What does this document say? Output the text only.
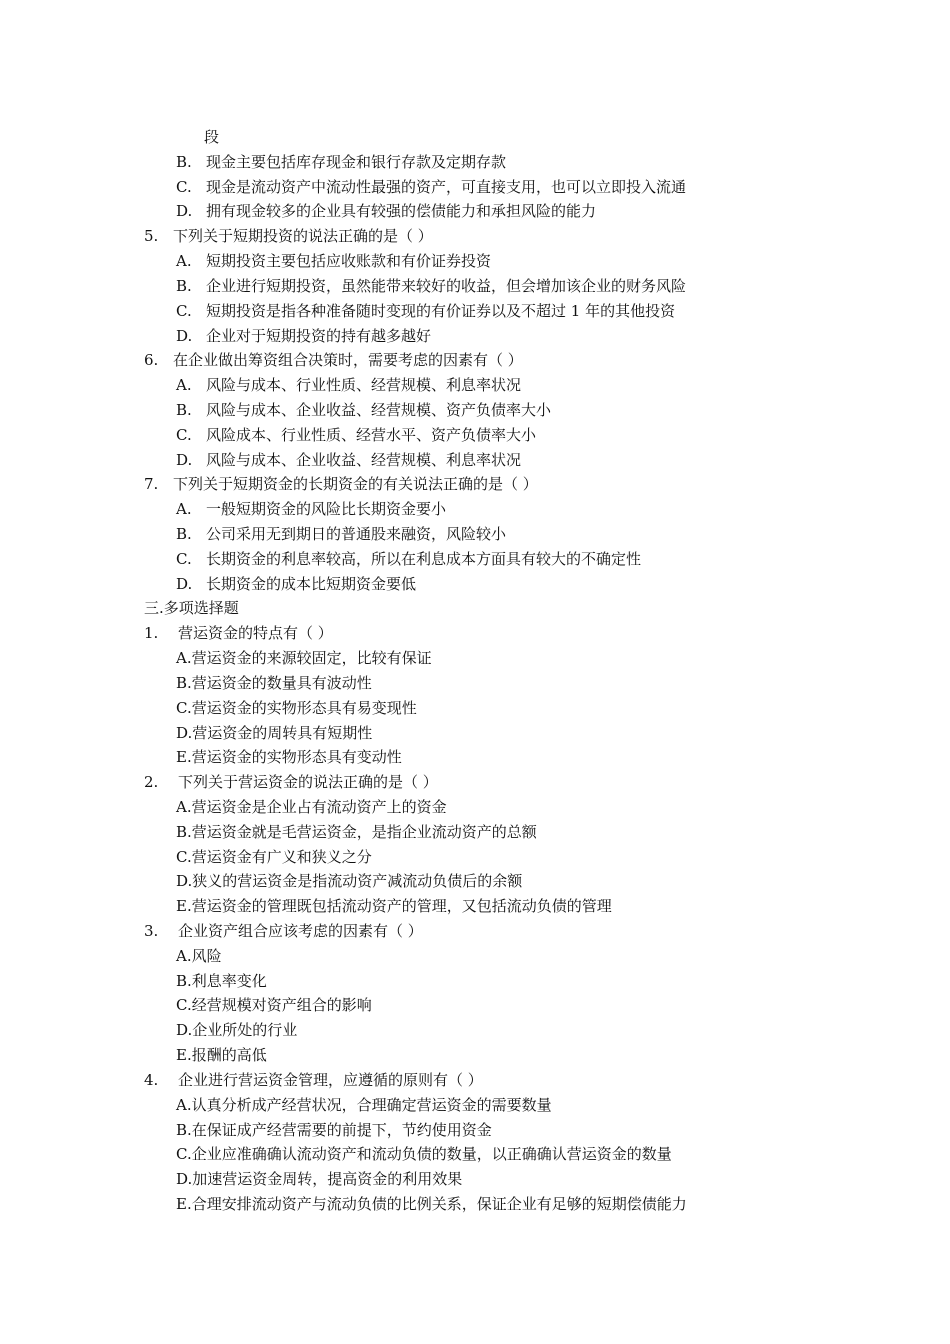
段
B. 现金主要包括库存现金和银行存款及定期存款
C. 现金是流动资产中流动性最强的资产，可直接支用，也可以立即投入流通
D. 拥有现金较多的企业具有较强的偿债能力和承担风险的能力
5. 下列关于短期投资的说法正确的是（ ）
A. 短期投资主要包括应收账款和有价证券投资
B. 企业进行短期投资，虽然能带来较好的收益，但会增加该企业的财务风险
C. 短期投资是指各种准备随时变现的有价证券以及不超过 1 年的其他投资
D. 企业对于短期投资的持有越多越好
6. 在企业做出筹资组合决策时，需要考虑的因素有（ ）
A. 风险与成本、行业性质、经营规模、利息率状况
B. 风险与成本、企业收益、经营规模、资产负债率大小
C. 风险成本、行业性质、经营水平、资产负债率大小
D. 风险与成本、企业收益、经营规模、利息率状况
7. 下列关于短期资金的长期资金的有关说法正确的是（ ）
A. 一般短期资金的风险比长期资金要小
B. 公司采用无到期日的普通股来融资，风险较小
C. 长期资金的利息率较高，所以在利息成本方面具有较大的不确定性
D. 长期资金的成本比短期资金要低
三.多项选择题
1. 营运资金的特点有（ ）
A.营运资金的来源较固定，比较有保证
B.营运资金的数量具有波动性
C.营运资金的实物形态具有易变现性
D.营运资金的周转具有短期性
E.营运资金的实物形态具有变动性
2. 下列关于营运资金的说法正确的是（ ）
A.营运资金是企业占有流动资产上的资金
B.营运资金就是毛营运资金，是指企业流动资产的总额
C.营运资金有广义和狭义之分
D.狭义的营运资金是指流动资产减流动负债后的余额
E.营运资金的管理既包括流动资产的管理，又包括流动负债的管理
3. 企业资产组合应该考虑的因素有（ ）
A.风险
B.利息率变化
C.经营规模对资产组合的影响
D.企业所处的行业
E.报酬的高低
4. 企业进行营运资金管理，应遵循的原则有（ ）
A.认真分析成产经营状况，合理确定营运资金的需要数量
B.在保证成产经营需要的前提下，节约使用资金
C.企业应准确确认流动资产和流动负债的数量，以正确确认营运资金的数量
D.加速营运资金周转，提高资金的利用效果
E.合理安排流动资产与流动负债的比例关系，保证企业有足够的短期偿债能力
